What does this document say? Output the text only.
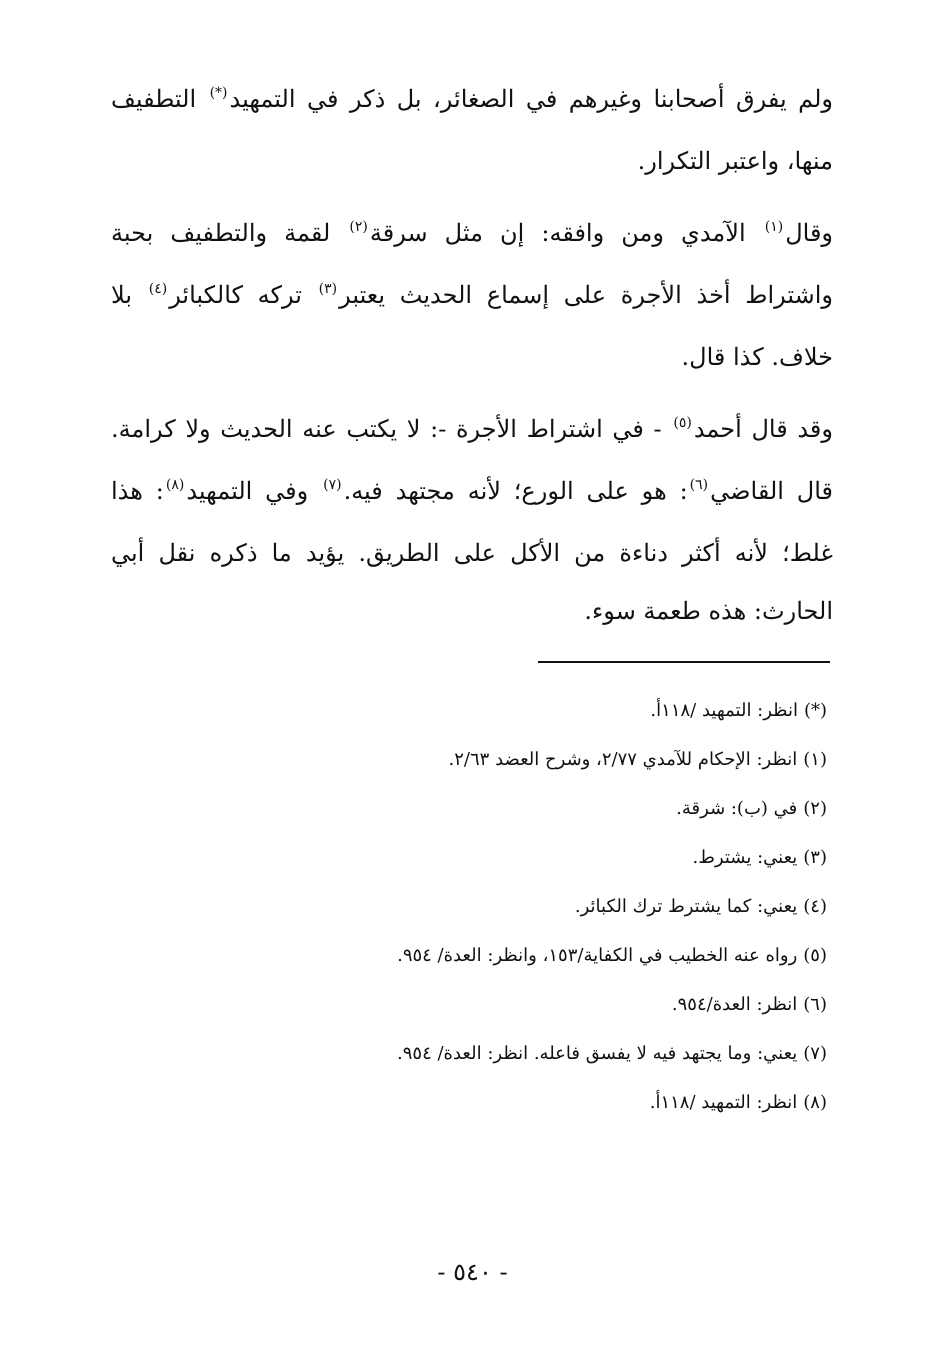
ولم يفرق أصحابنا وغيرهم في الصغائر، بل ذكر في التمهيد(*) التطفيف منها، واعتبر التكرار.

وقال$^{(١)}$ الآمدي ومن وافقه: إن مثل سرقة$^{(٢)}$ لقمة والتطفيف بحبة واشتراط أخذ الأجرة على إسماع الحديث يعتبر$^{(٣)}$ تركه كالكبائر$^{(٤)}$ بلا خلاف. كذا قال.

وقد قال أحمد$^{(٥)}$ - في اشتراط الأجرة -: لا يكتب عنه الحديث ولا كرامة. قال القاضي$^{(٦)}$: هو على الورع؛ لأنه مجتهد فيه.$^{(٧)}$ وفي التمهيد$^{(٨)}$: هذا غلط؛ لأنه أكثر دناءة من الأكل على الطريق. يؤيد ما ذكره نقل أبي الحارث: هذه طعمة سوء.

(*)انظر: التمهيد /١١٨أ.
(١)انظر: الإحكام للآمدي ٢/٧٧، وشرح العضد ٢/٦٣.
(٢)في (ب): شرقة.
(٣)يعني: يشترط.
(٤)يعني: كما يشترط ترك الكبائر.
(٥)رواه عنه الخطيب في الكفاية/١٥٣، وانظر: العدة/ ٩٥٤.
(٦)انظر: العدة/٩٥٤.
(٧)يعني: وما يجتهد فيه لا يفسق فاعله. انظر: العدة/ ٩٥٤.
(٨)انظر: التمهيد /١١٨أ.
- ٥٤٠ -
